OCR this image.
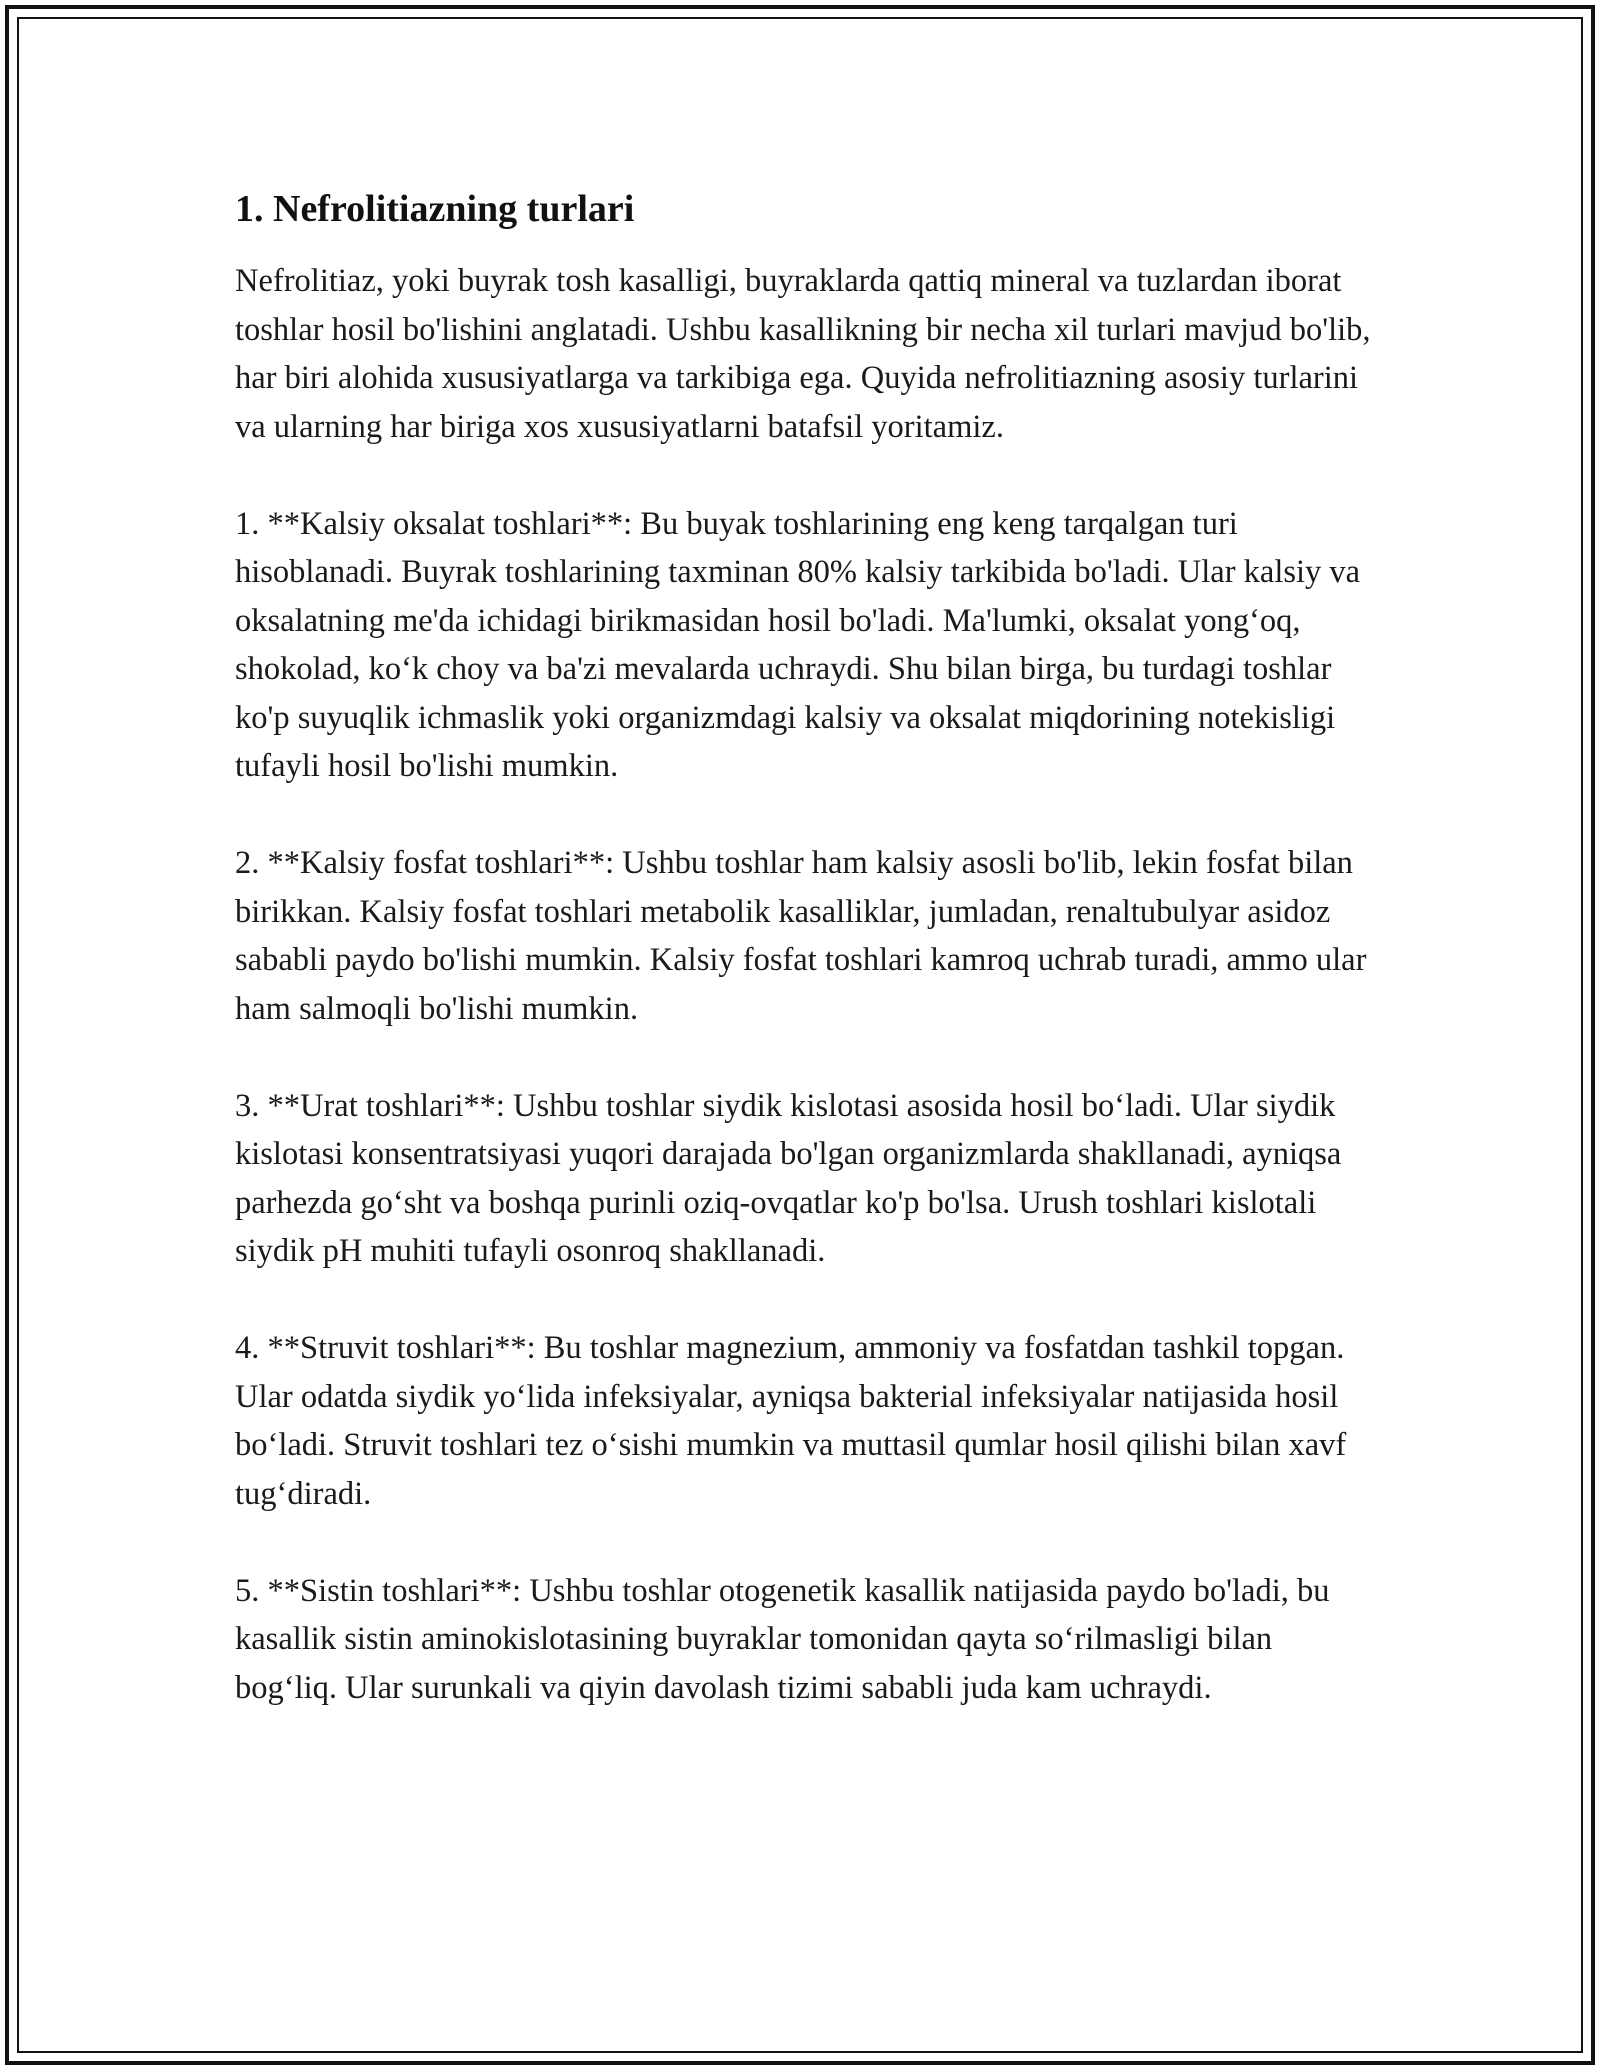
1. Nefrolitiazning turlari

Nefrolitiaz, yoki buyrak tosh kasalligi, buyraklarda qattiq mineral va tuzlardan iborat toshlar hosil bo'lishini anglatadi. Ushbu kasallikning bir necha xil turlari mavjud bo'lib, har biri alohida xususiyatlarga va tarkibiga ega. Quyida nefrolitiazning asosiy turlarini va ularning har biriga xos xususiyatlarni batafsil yoritamiz.

1. **Kalsiy oksalat toshlari**: Bu buyak toshlarining eng keng tarqalgan turi hisoblanadi. Buyrak toshlarining taxminan 80% kalsiy tarkibida bo'ladi. Ular kalsiy va oksalatning me'da ichidagi birikmasidan hosil bo'ladi. Ma'lumki, oksalat yong‘oq, shokolad, ko‘k choy va ba'zi mevalarda uchraydi. Shu bilan birga, bu turdagi toshlar ko'p suyuqlik ichmaslik yoki organizmdagi kalsiy va oksalat miqdorining notekisligi tufayli hosil bo'lishi mumkin.

2. **Kalsiy fosfat toshlari**: Ushbu toshlar ham kalsiy asosli bo'lib, lekin fosfat bilan birikkan. Kalsiy fosfat toshlari metabolik kasalliklar, jumladan, renaltubulyar asidoz sababli paydo bo'lishi mumkin. Kalsiy fosfat toshlari kamroq uchrab turadi, ammo ular ham salmoqli bo'lishi mumkin.

3. **Urat toshlari**: Ushbu toshlar siydik kislotasi asosida hosil bo‘ladi. Ular siydik kislotasi konsentratsiyasi yuqori darajada bo'lgan organizmlarda shakllanadi, ayniqsa parhezda go‘sht va boshqa purinli oziq-ovqatlar ko'p bo'lsa. Urush toshlari kislotali siydik pH muhiti tufayli osonroq shakllanadi.

4. **Struvit toshlari**: Bu toshlar magnezium, ammoniy va fosfatdan tashkil topgan. Ular odatda siydik yo‘lida infeksiyalar, ayniqsa bakterial infeksiyalar natijasida hosil bo‘ladi. Struvit toshlari tez o‘sishi mumkin va muttasil qumlar hosil qilishi bilan xavf tug‘diradi.

5. **Sistin toshlari**: Ushbu toshlar otogenetik kasallik natijasida paydo bo'ladi, bu kasallik sistin aminokislotasining buyraklar tomonidan qayta so‘rilmasligi bilan bog‘liq. Ular surunkali va qiyin davolash tizimi sababli juda kam uchraydi.
